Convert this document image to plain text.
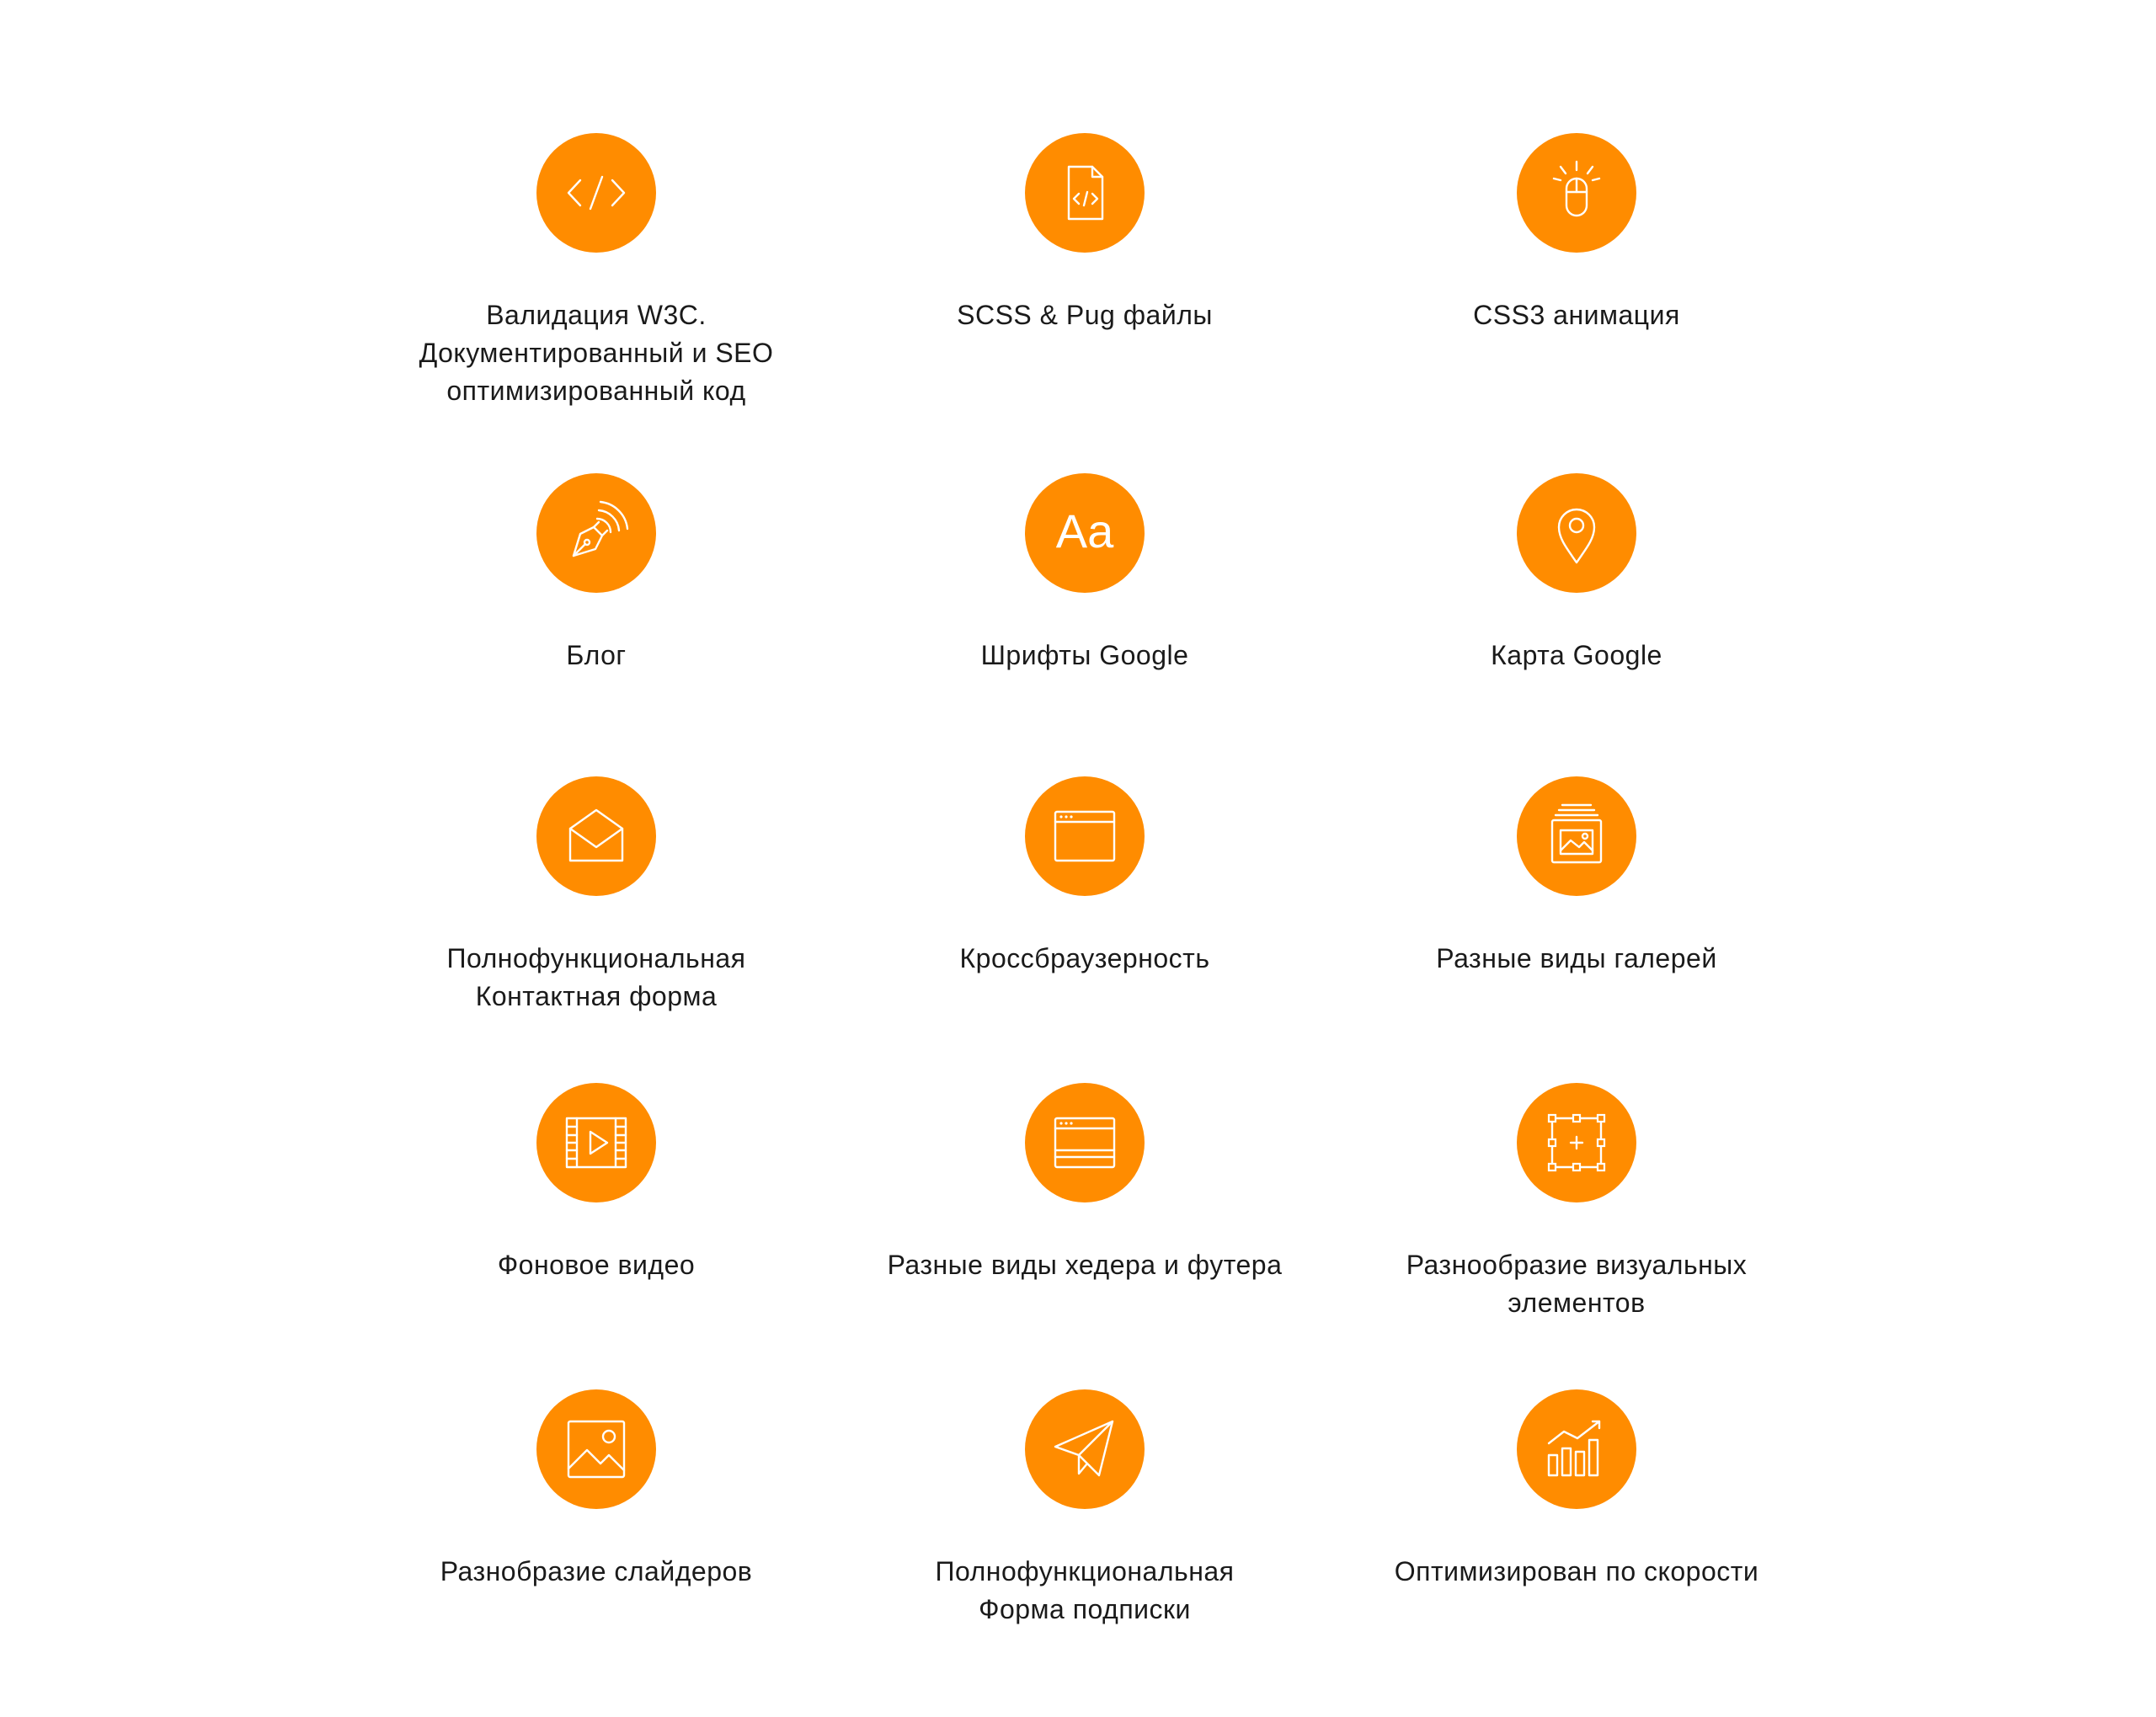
Валидация W3C.
Документированный и SEO
оптимизированный код
SCSS & Pug файлы	CSS3 анимация
Блог
Aa
Шрифты Google	Карта Google
Полнофункциональная
Контактная форма
Кроссбраузерность	Разные виды галерей
Фоновое видео	Разные виды хедера и футера	Разнообразие визуальных
элементов
Разнобразие слайдеров	Полнофункциональная
Форма подписки
Оптимизирован по скорости
